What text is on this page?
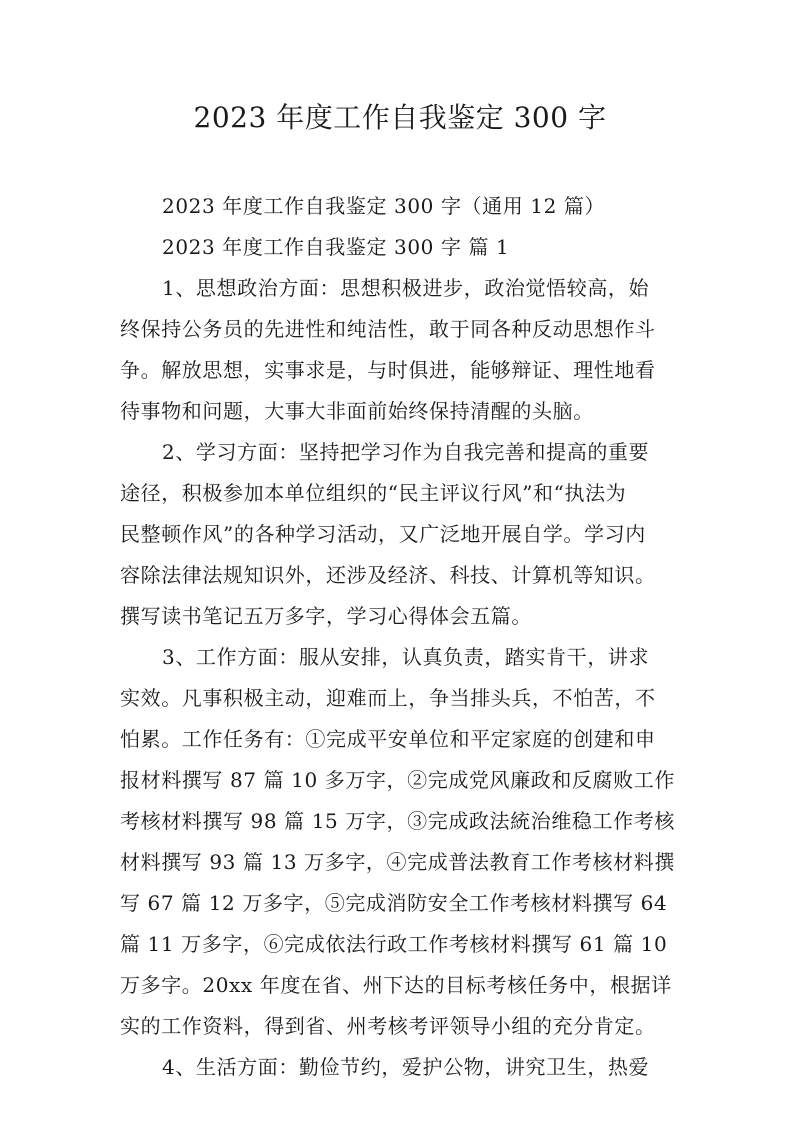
2023 年度工作自我鉴定 300 字
2023 年度工作自我鉴定 300 字（通用 12 篇）
2023 年度工作自我鉴定 300 字 篇 1
1、思想政治方面：思想积极进步，政治觉悟较高，始
终保持公务员的先进性和纯洁性，敢于同各种反动思想作斗
争。解放思想，实事求是，与时俱进，能够辩证、理性地看
待事物和问题，大事大非面前始终保持清醒的头脑。
2、学习方面：坚持把学习作为自我完善和提高的重要
途径，积极参加本单位组织的“民主评议行风”和“执法为
民整顿作风”的各种学习活动，又广泛地开展自学。学习内
容除法律法规知识外，还涉及经济、科技、计算机等知识。
撰写读书笔记五万多字，学习心得体会五篇。
3、工作方面：服从安排，认真负责，踏实肯干，讲求
实效。凡事积极主动，迎难而上，争当排头兵，不怕苦，不
怕累。工作任务有：①完成平安单位和平定家庭的创建和申
报材料撰写 87 篇 10 多万字，②完成党风廉政和反腐败工作
考核材料撰写 98 篇 15 万字，③完成政法統治维稳工作考核
材料撰写 93 篇 13 万多字，④完成普法教育工作考核材料撰
写 67 篇 12 万多字，⑤完成消防安全工作考核材料撰写 64
篇 11 万多字，⑥完成依法行政工作考核材料撰写 61 篇 10
万多字。20xx 年度在省、州下达的目标考核任务中，根据详
实的工作资料，得到省、州考核考评领导小组的充分肯定。
4、生活方面：勤俭节约，爱护公物，讲究卫生，热爱
